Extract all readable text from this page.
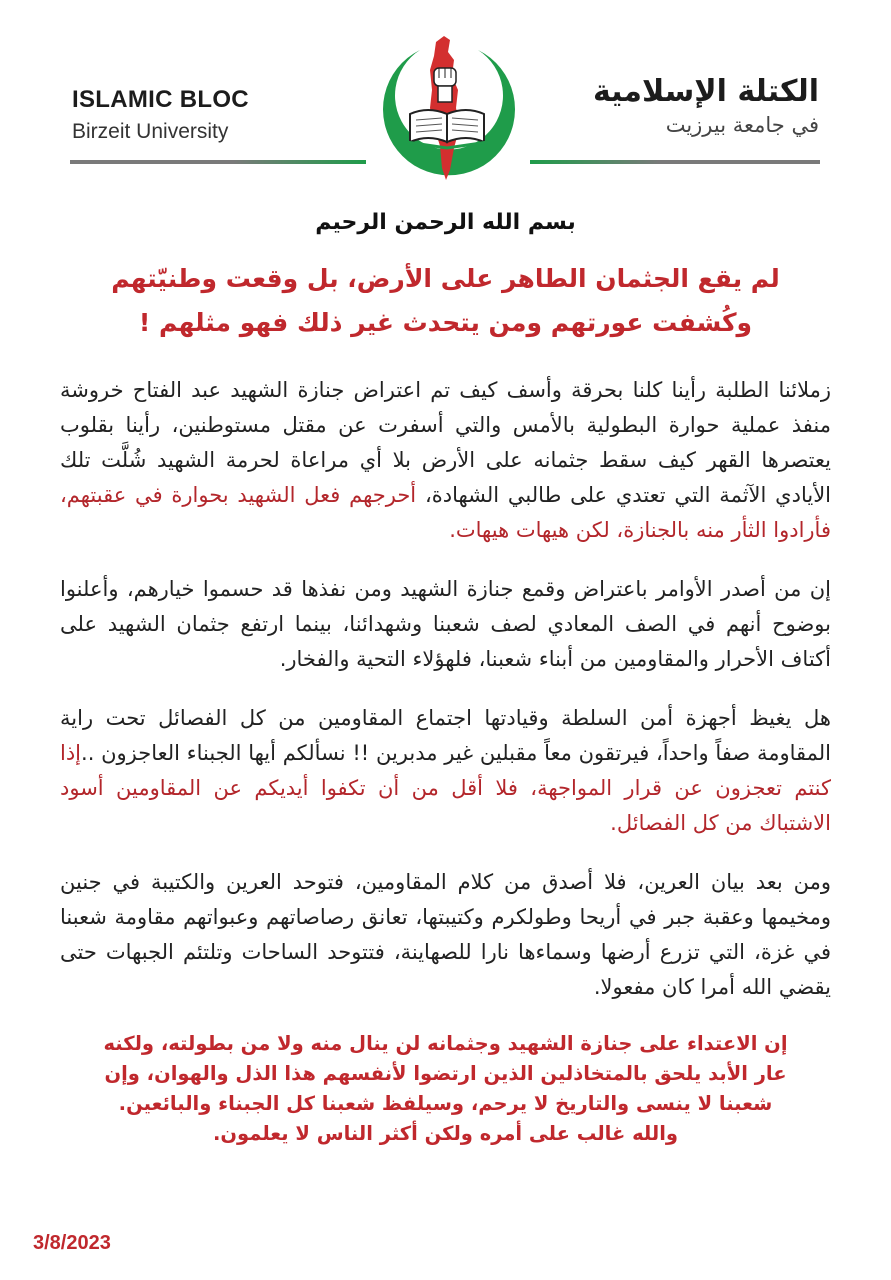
ISLAMIC BLOC
Birzeit University
الكتلة الإسلامية
في جامعة بيرزيت
بسم الله الرحمن الرحيم
لم يقع الجثمان الطاهر على الأرض، بل وقعت وطنيّتهم
وكُشفت عورتهم ومن يتحدث غير ذلك فهو مثلهم !
زملائنا الطلبة رأينا كلنا بحرقة وأسف كيف تم اعتراض جنازة الشهيد عبد الفتاح خروشة منفذ عملية حوارة البطولية بالأمس والتي أسفرت عن مقتل مستوطنين، رأينا بقلوب يعتصرها القهر كيف سقط جثمانه على الأرض بلا أي مراعاة لحرمة الشهيد شُلَّت تلك الأيادي الآثمة التي تعتدي على طالبي الشهادة، أحرجهم فعل الشهيد بحوارة في عقبتهم، فأرادوا الثأر منه بالجنازة، لكن هيهات هيهات.
إن من أصدر الأوامر باعتراض وقمع جنازة الشهيد ومن نفذها قد حسموا خيارهم، وأعلنوا بوضوح أنهم في الصف المعادي لصف شعبنا وشهدائنا، بينما ارتفع جثمان الشهيد على أكتاف الأحرار والمقاومين من أبناء شعبنا، فلهؤلاء التحية والفخار.
هل يغيظ أجهزة أمن السلطة وقيادتها اجتماع المقاومين من كل الفصائل تحت راية المقاومة صفاً واحداً، فيرتقون معاً مقبلين غير مدبرين !! نسألكم أيها الجبناء العاجزون ..إذا كنتم تعجزون عن قرار المواجهة، فلا أقل من أن تكفوا أيديكم عن المقاومين أسود الاشتباك من كل الفصائل.
ومن بعد بيان العرين، فلا أصدق من كلام المقاومين، فتوحد العرين والكتيبة في جنين ومخيمها وعقبة جبر في أريحا وطولكرم وكتيبتها، تعانق رصاصاتهم وعبواتهم مقاومة شعبنا في غزة، التي تزرع أرضها وسماءها نارا للصهاينة، فتتوحد الساحات وتلتئم الجبهات حتى يقضي الله أمرا كان مفعولا.
إن الاعتداء على جنازة الشهيد وجثمانه لن ينال منه ولا من بطولته، ولكنه
عار الأبد يلحق بالمتخاذلين الذين ارتضوا لأنفسهم هذا الذل والهوان، وإن
شعبنا لا ينسى والتاريخ لا يرحم، وسيلفظ شعبنا كل الجبناء والبائعين.
والله غالب على أمره ولكن أكثر الناس لا يعلمون.
3/8/2023
